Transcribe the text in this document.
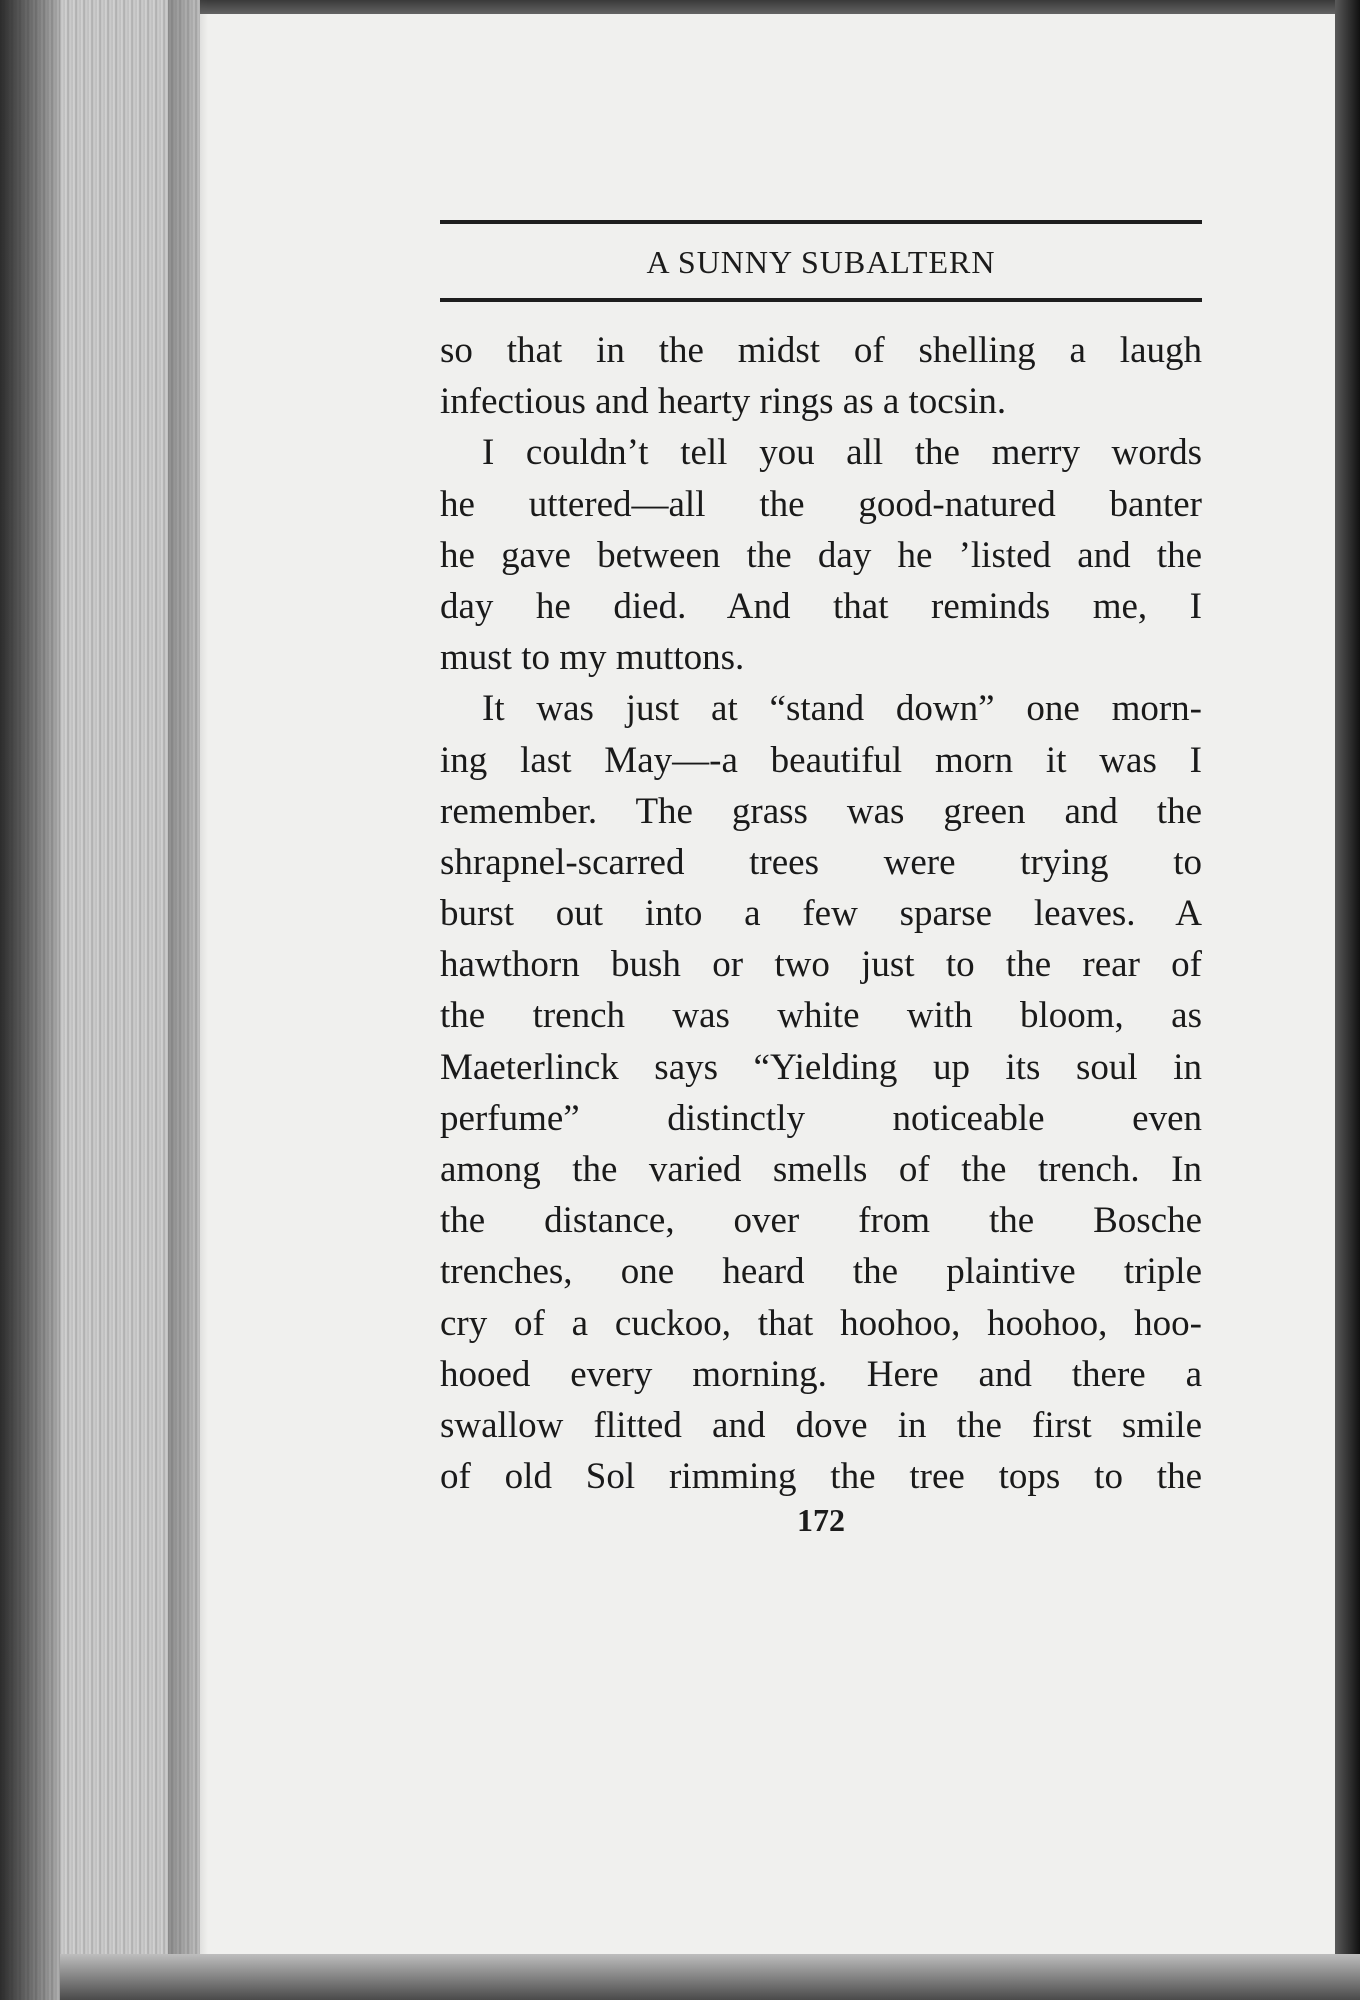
A SUNNY SUBALTERN
so that in the midst of shelling a laugh
infectious and hearty rings as a tocsin.
I couldn’t tell you all the merry words
he uttered—all the good-natured banter
he gave between the day he ’listed and the
day he died. And that reminds me, I
must to my muttons.
It was just at “stand down” one morn-
ing last May—-a beautiful morn it was I
remember. The grass was green and the
shrapnel-scarred trees were trying to
burst out into a few sparse leaves. A
hawthorn bush or two just to the rear of
the trench was white with bloom, as
Maeterlinck says “Yielding up its soul in
perfume” distinctly noticeable even
among the varied smells of the trench. In
the distance, over from the Bosche
trenches, one heard the plaintive triple
cry of a cuckoo, that hoohoo, hoohoo, hoo-
hooed every morning. Here and there a
swallow flitted and dove in the first smile
of old Sol rimming the tree tops to the
172
